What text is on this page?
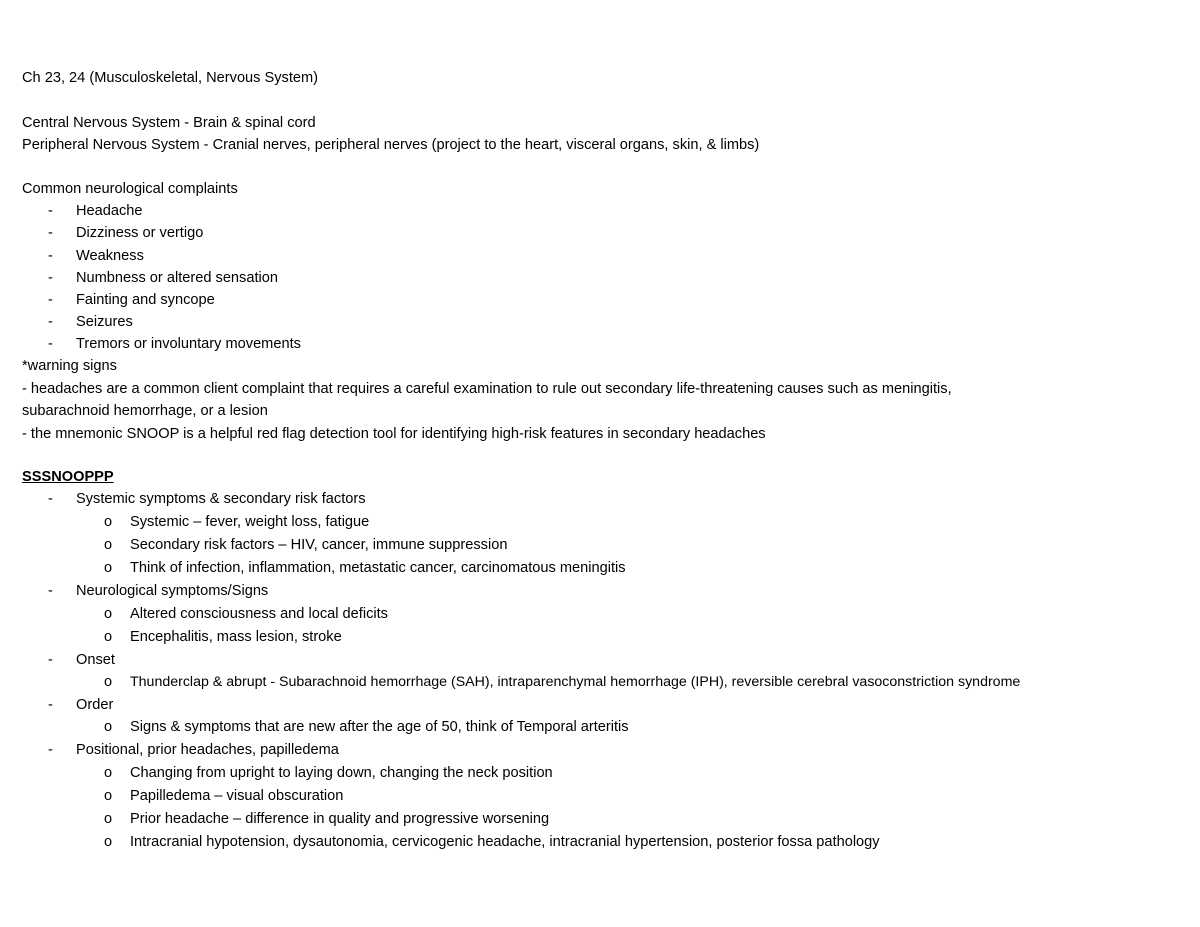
Ch 23, 24 (Musculoskeletal, Nervous System)
Central Nervous System - Brain & spinal cord
Peripheral Nervous System - Cranial nerves, peripheral nerves (project to the heart, visceral organs, skin, & limbs)
Common neurological complaints
- Headache
- Dizziness or vertigo
- Weakness
- Numbness or altered sensation
- Fainting and syncope
- Seizures
- Tremors or involuntary movements
*warning signs
- headaches are a common client complaint that requires a careful examination to rule out secondary life-threatening causes such as meningitis,
subarachnoid hemorrhage, or a lesion
- the mnemonic SNOOP is a helpful red flag detection tool for identifying high-risk features in secondary headaches
SSSNOOPPP
- Systemic symptoms & secondary risk factors
o Systemic – fever, weight loss, fatigue
o Secondary risk factors – HIV, cancer, immune suppression
o Think of infection, inflammation, metastatic cancer, carcinomatous meningitis
- Neurological symptoms/Signs
o Altered consciousness and local deficits
o Encephalitis, mass lesion, stroke
- Onset
o Thunderclap & abrupt - Subarachnoid hemorrhage (SAH), intraparenchymal hemorrhage (IPH), reversible cerebral vasoconstriction syndrome
- Order
o Signs & symptoms that are new after the age of 50, think of Temporal arteritis
- Positional, prior headaches, papilledema
o Changing from upright to laying down, changing the neck position
o Papilledema – visual obscuration
o Prior headache – difference in quality and progressive worsening
o Intracranial hypotension, dysautonomia, cervicogenic headache, intracranial hypertension, posterior fossa pathology
